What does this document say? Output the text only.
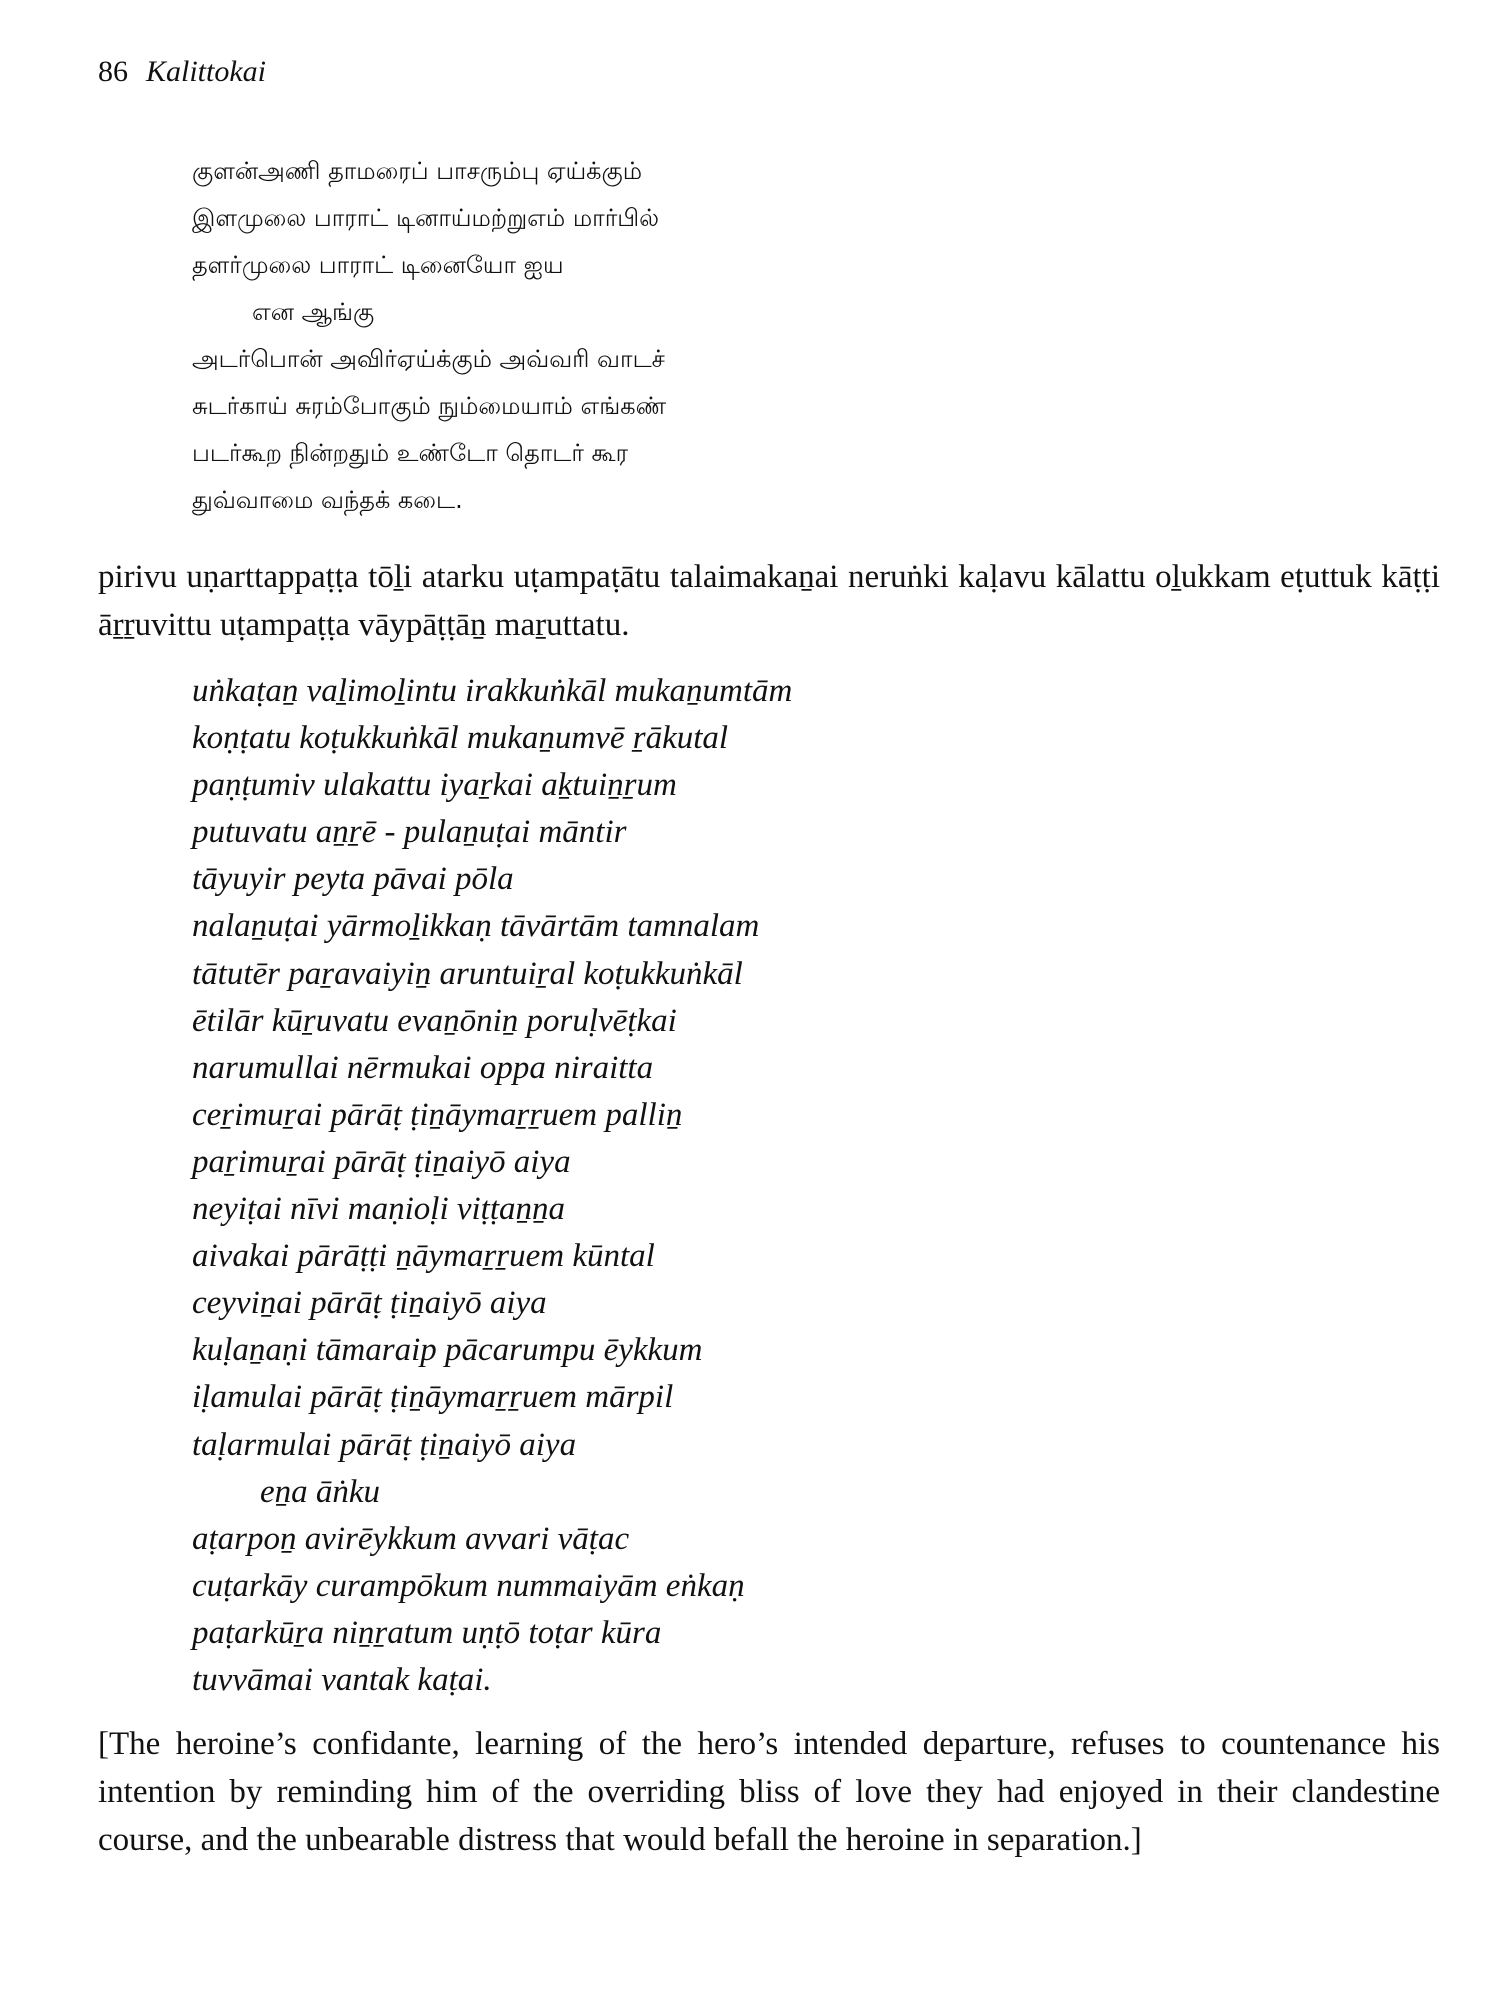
86 Kalittokai
குளன்அணி தாமரைப் பாசரும்பு ஏய்க்கும்
இளமுலை பாராட் டினாய்மற்றுஎம் மார்பில்
தளர்முலை பாராட் டினையோ ஐய
என ஆங்கு
அடர்பொன் அவிர்ஏய்க்கும் அவ்வரி வாடச்
சுடர்காய் சுரம்போகும் நும்மையாம் எங்கண்
படர்கூற நின்றதும் உண்டோ தொடர் கூர
துவ்வாமை வந்தக் கடை.
pirivu uṇarttappaṭṭa tōḻi atarku uṭampaṭātu talaimakaṉai neruṅki kaḷavu kālattu oḻukkam eṭuttuk kāṭṭi āṟṟuvittu uṭampaṭṭa vāypāṭṭāṉ maṟuttatu.
uṅkaṭaṉ vaḻimoḻintu irakkuṅkāl mukaṉumtām
koṇṭatu koṭukkuṅkāl mukaṉumvē ṟākutal
paṇṭumiv ulakattu iyaṟkai aḵtuiṉṟum
putuvatu aṉṟē - pulaṉuṭai māntir
tāyuyir peyta pāvai pōla
nalaṉuṭai yārmoḻikkaṇ tāvārtām tamnalam
tātutēr paṟavaiyiṉ aruntuiṟal koṭukkuṅkāl
ētilār kūṟuvatu evaṉōniṉ poruḷvēṭkai
narumullai nērmukai oppa niraitta
ceṟimuṟai pārāṭ ṭiṉāymaṟṟuem palliṉ
paṟimuṟai pārāṭ ṭiṉaiyō aiya
neyiṭai nīvi maṇioḷi viṭṭaṉṉa
aivakai pārāṭṭi ṉāymaṟṟuem kūntal
ceyviṉai pārāṭ ṭiṉaiyō aiya
kuḷaṉaṇi tāmaraip pācarumpu ēykkum
iḷamulai pārāṭ ṭiṉāymaṟṟuem mārpil
taḷarmulai pārāṭ ṭiṉaiyō aiya
eṉa āṅku
aṭarpoṉ avirēykkum avvari vāṭac
cuṭarkāy curampōkum nummaiyām eṅkaṇ
paṭarkūṟa niṉṟatum uṇṭō toṭar kūra
tuvvāmai vantak kaṭai.
[The heroine’s confidante, learning of the hero’s intended departure, refuses to countenance his intention by reminding him of the overriding bliss of love they had enjoyed in their clandestine course, and the unbearable distress that would befall the heroine in separation.]
